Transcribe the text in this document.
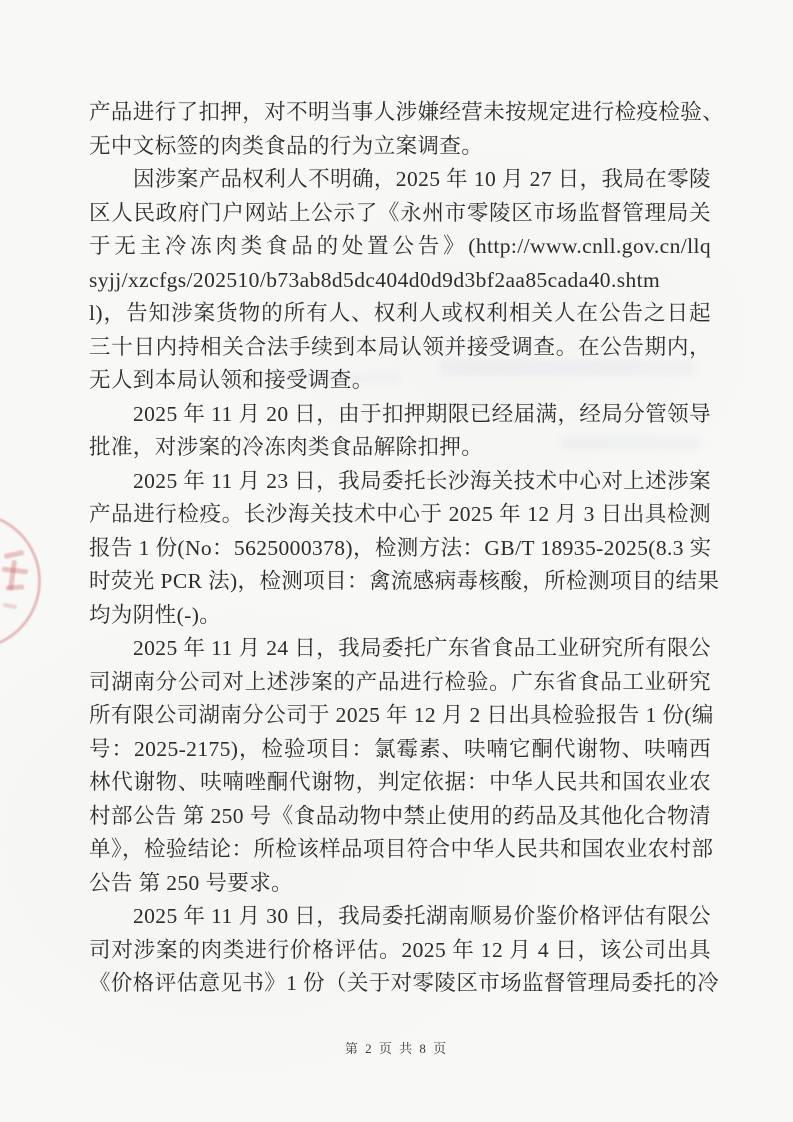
产品进行了扣押，对不明当事人涉嫌经营未按规定进行检疫检验、
无中文标签的肉类食品的行为立案调查。
因涉案产品权利人不明确，2025 年 10 月 27 日，我局在零陵
区人民政府门户网站上公示了《永州市零陵区市场监督管理局关
于无主冷冻肉类食品的处置公告》(http://www.cnll.gov.cn/llq
syjj/xzcfgs/202510/b73ab8d5dc404d0d9d3bf2aa85cada40.shtm
l)，告知涉案货物的所有人、权利人或权利相关人在公告之日起
三十日内持相关合法手续到本局认领并接受调查。在公告期内，
无人到本局认领和接受调查。
2025 年 11 月 20 日，由于扣押期限已经届满，经局分管领导
批准，对涉案的冷冻肉类食品解除扣押。
2025 年 11 月 23 日，我局委托长沙海关技术中心对上述涉案
产品进行检疫。长沙海关技术中心于 2025 年 12 月 3 日出具检测
报告 1 份(No：5625000378)，检测方法：GB/T 18935-2025(8.3 实
时荧光 PCR 法)，检测项目：禽流感病毒核酸，所检测项目的结果
均为阴性(-)。
2025 年 11 月 24 日，我局委托广东省食品工业研究所有限公
司湖南分公司对上述涉案的产品进行检验。广东省食品工业研究
所有限公司湖南分公司于 2025 年 12 月 2 日出具检验报告 1 份(编
号：2025-2175)，检验项目：氯霉素、呋喃它酮代谢物、呋喃西
林代谢物、呋喃唑酮代谢物，判定依据：中华人民共和国农业农
村部公告 第 250 号《食品动物中禁止使用的药品及其他化合物清
单》，检验结论：所检该样品项目符合中华人民共和国农业农村部
公告 第 250 号要求。
2025 年 11 月 30 日，我局委托湖南顺易价鉴价格评估有限公
司对涉案的肉类进行价格评估。2025 年 12 月 4 日，该公司出具
《价格评估意见书》1 份（关于对零陵区市场监督管理局委托的冷
第 2 页 共 8 页
